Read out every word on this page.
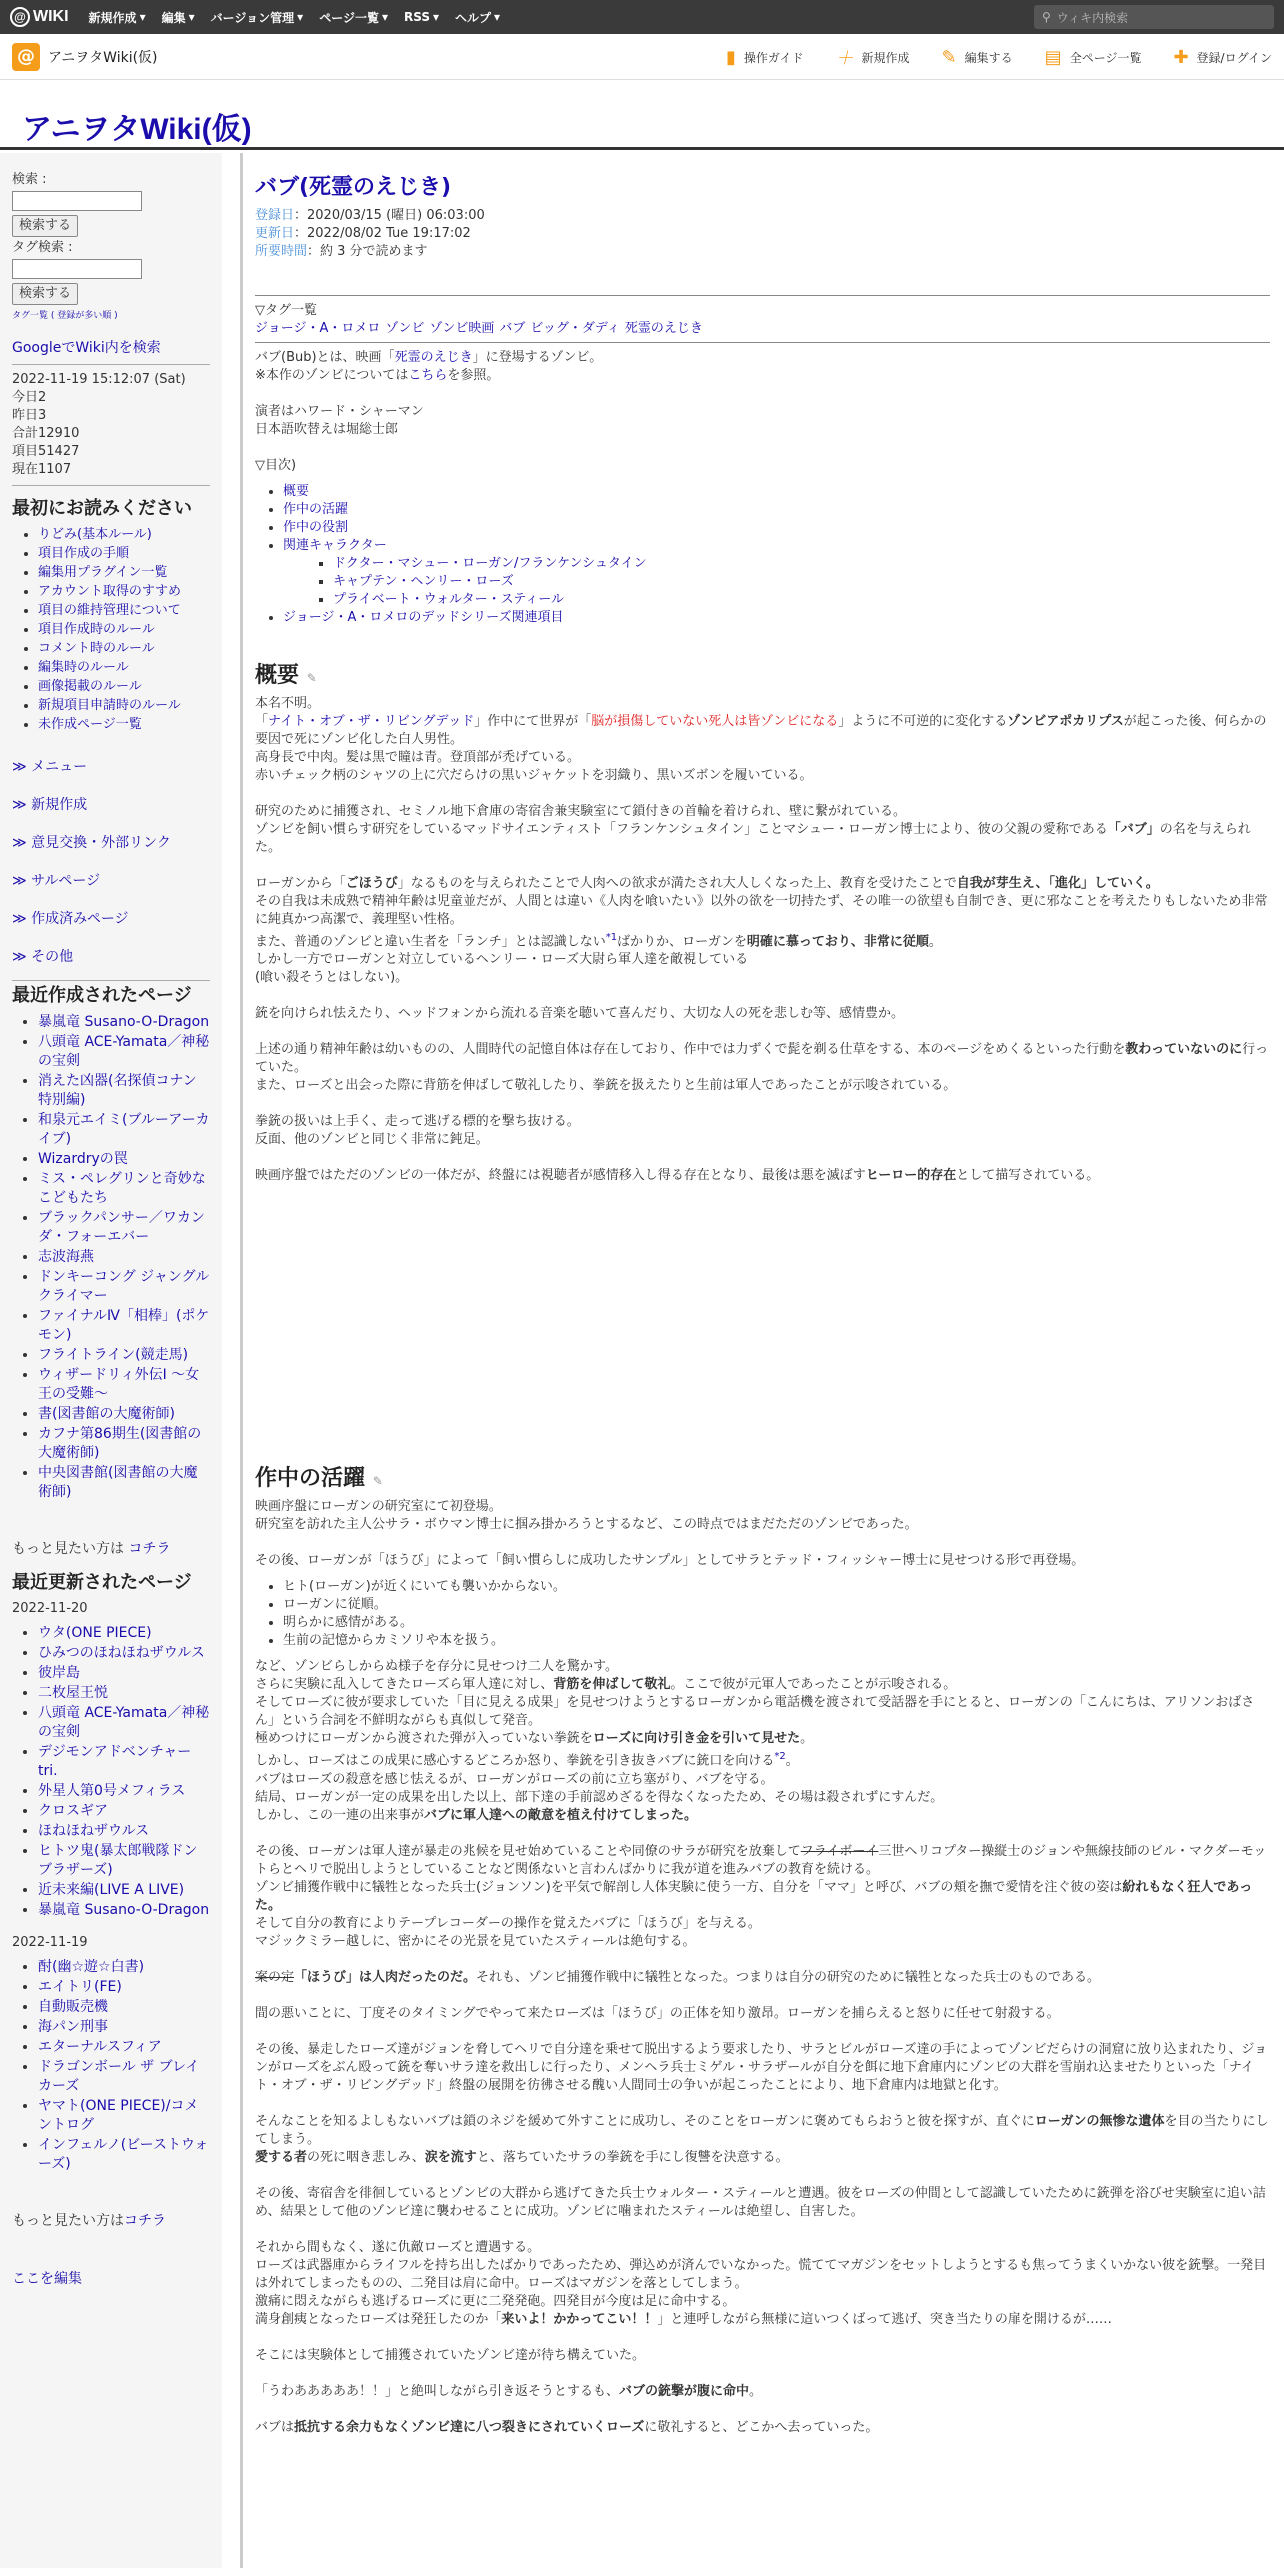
@ WIKI 新規作成 ▾ 編集 ▾ バージョン管理 ▾ ページ一覧 ▾ RSS ▾ ヘルプ ▾	⚲ ウィキ内検索
@ アニヲタWiki(仮)	▮ 操作ガイド ＋ 新規作成 ✎ 編集する ▤ 全ページ一覧 ✚ 登録/ログイン
アニヲタWiki(仮)
検索 :
検索する
タグ検索 :
検索する
タグ一覧 ( 登録が多い順 )
GoogleでWiki内を検索
2022-11-19 15:12:07 (Sat)
今日2
昨日3
合計12910
項目51427
現在1107
最初にお読みください
• りどみ(基本ルール)
• 項目作成の手順
• 編集用プラグイン一覧
• アカウント取得のすすめ
• 項目の維持管理について
• 項目作成時のルール
• コメント時のルール
• 編集時のルール
• 画像掲載のルール
• 新規項目申請時のルール
• 未作成ページ一覧
≫ メニュー
≫ 新規作成
≫ 意見交換・外部リンク
≫ サルページ
≫ 作成済みページ
≫ その他
最近作成されたページ
• 暴嵐竜 Susano-O-Dragon
• 八頭竜 ACE-Yamata／神秘の宝剣
• 消えた凶器(名探偵コナン特別編)
• 和泉元エイミ(ブルーアーカイブ)
• Wizardryの罠
• ミス・ペレグリンと奇妙なこどもたち
• ブラックパンサー／ワカンダ・フォーエバー
• 志波海燕
• ドンキーコング ジャングルクライマー
• ファイナルⅣ「相棒」(ポケモン)
• フライトライン(競走馬)
• ウィザードリィ外伝Ⅰ ～女王の受難～
• 書(図書館の大魔術師)
• カフナ第86期生(図書館の大魔術師)
• 中央図書館(図書館の大魔術師)
もっと見たい方は コチラ
最近更新されたページ
2022-11-20
• ウタ(ONE PIECE)
• ひみつのほねほねザウルス
• 彼岸島
• 二枚屋王悦
• 八頭竜 ACE-Yamata／神秘の宝剣
• デジモンアドベンチャー tri.
• 外星人第0号メフィラス
• クロスギア
• ほねほねザウルス
• ヒトツ鬼(暴太郎戦隊ドンブラザーズ)
• 近未来編(LIVE A LIVE)
• 暴嵐竜 Susano-O-Dragon
2022-11-19
• 酎(幽☆遊☆白書)
• エイトリ(FE)
• 自動販売機
• 海パン刑事
• エターナルスフィア
• ドラゴンボール ザ ブレイカーズ
• ヤマト(ONE PIECE)/コメントログ
• インフェルノ(ビーストウォーズ)
もっと見たい方はコチラ
ここを編集
バブ(死霊のえじき)
登録日：2020/03/15 (曜日) 06:03:00
更新日：2022/08/02 Tue 19:17:02
所要時間：約 3 分で読めます
▽タグ一覧
ジョージ・A・ロメロ ゾンビ ゾンビ映画 バブ ビッグ・ダディ 死霊のえじき

バブ(Bub)とは、映画「死霊のえじき」に登場するゾンビ。

※本作のゾンビについてはこちらを参照。

演者はハワード・シャーマン

日本語吹替えは堀総士郎

▽目次)

• 概要
• 作中の活躍
• 作中の役割
• 関連キャラクター
▪ ドクター・マシュー・ローガン/フランケンシュタイン
▪ キャプテン・ヘンリー・ローズ
▪ プライベート・ウォルター・スティール
• ジョージ・A・ロメロのデッドシリーズ関連項目
概要 ✎

本名不明。

「ナイト・オブ・ザ・リビングデッド」作中にて世界が「脳が損傷していない死人は皆ゾンビになる」ように不可逆的に変化するゾンビアポカリプスが起こった後、何らかの要因で死にゾンビ化した白人男性。

高身長で中肉。髪は黒で瞳は青。登頂部が禿げている。

赤いチェック柄のシャツの上に穴だらけの黒いジャケットを羽織り、黒いズボンを履いている。

研究のために捕獲され、セミノル地下倉庫の寄宿舎兼実験室にて鎖付きの首輪を着けられ、壁に繋がれている。

ゾンビを飼い慣らす研究をしているマッドサイエンティスト「フランケンシュタイン」ことマシュー・ローガン博士により、彼の父親の愛称である「バブ」の名を与えられた。

ローガンから「ごほうび」なるものを与えられたことで人肉への欲求が満たされ大人しくなった上、教育を受けたことで自我が芽生え、「進化」していく。

その自我は未成熟で精神年齢は児童並だが、人間とは違い《人肉を喰いたい》以外の欲を一切持たず、その唯一の欲望も自制でき、更に邪なことを考えたりもしないため非常に純真かつ高潔で、義理堅い性格。

また、普通のゾンビと違い生者を「ランチ」とは認識しない$^{*1}$ばかりか、ローガンを明確に慕っており、非常に従順。

しかし一方でローガンと対立しているヘンリー・ローズ大尉ら軍人達を敵視している

(喰い殺そうとはしない)。

銃を向けられ怯えたり、ヘッドフォンから流れる音楽を聴いて喜んだり、大切な人の死を悲しむ等、感情豊か。

上述の通り精神年齢は幼いものの、人間時代の記憶自体は存在しており、作中では力ずくで髭を剃る仕草をする、本のページをめくるといった行動を教わっていないのに行っていた。

また、ローズと出会った際に背筋を伸ばして敬礼したり、拳銃を扱えたりと生前は軍人であったことが示唆されている。

拳銃の扱いは上手く、走って逃げる標的を撃ち抜ける。

反面、他のゾンビと同じく非常に鈍足。

映画序盤ではただのゾンビの一体だが、終盤には視聴者が感情移入し得る存在となり、最後は悪を滅ぼすヒーロー的存在として描写されている。

作中の活躍 ✎

映画序盤にローガンの研究室にて初登場。

研究室を訪れた主人公サラ・ボウマン博士に掴み掛かろうとするなど、この時点ではまだただのゾンビであった。

その後、ローガンが「ほうび」によって「飼い慣らしに成功したサンプル」としてサラとテッド・フィッシャー博士に見せつける形で再登場。

• ヒト(ローガン)が近くにいても襲いかからない。
• ローガンに従順。
• 明らかに感情がある。
• 生前の記憶からカミソリや本を扱う。

など、ゾンビらしからぬ様子を存分に見せつけ二人を驚かす。

さらに実験に乱入してきたローズら軍人達に対し、背筋を伸ばして敬礼。ここで彼が元軍人であったことが示唆される。

そしてローズに彼が要求していた「目に見える成果」を見せつけようとするローガンから電話機を渡されて受話器を手にとると、ローガンの「こんにちは、アリソンおばさん」という合詞を不鮮明ながらも真似して発音。

極めつけにローガンから渡された弾が入っていない拳銃をローズに向け引き金を引いて見せた。

しかし、ローズはこの成果に感心するどころか怒り、拳銃を引き抜きバブに銃口を向ける$^{*2}$。

バブはローズの殺意を感じ怯えるが、ローガンがローズの前に立ち塞がり、バブを守る。

結局、ローガンが一定の成果を出した以上、部下達の手前認めざるを得なくなったため、その場は殺されずにすんだ。

しかし、この一連の出来事がバブに軍人達への敵意を植え付けてしまった。

その後、ローガンは軍人達が暴走の兆候を見せ始めていることや同僚のサラが研究を放棄してフライボーイ三世ヘリコプター操縦士のジョンや無線技師のビル・マクダーモットらとヘリで脱出しようとしていることなど関係ないと言わんばかりに我が道を進みバブの教育を続ける。

ゾンビ捕獲作戦中に犠牲となった兵士(ジョンソン)を平気で解剖し人体実験に使う一方、自分を「ママ」と呼び、バブの頬を撫で愛情を注ぐ彼の姿は紛れもなく狂人であった。

そして自分の教育によりテープレコーダーの操作を覚えたバブに「ほうび」を与える。

マジックミラー越しに、密かにその光景を見ていたスティールは絶句する。

案の定「ほうび」は人肉だったのだ。それも、ゾンビ捕獲作戦中に犠牲となった。つまりは自分の研究のために犠牲となった兵士のものである。

間の悪いことに、丁度そのタイミングでやって来たローズは「ほうび」の正体を知り激昂。ローガンを捕らえると怒りに任せて射殺する。

その後、暴走したローズ達がジョンを脅してヘリで自分達を乗せて脱出するよう要求したり、サラとビルがローズ達の手によってゾンビだらけの洞窟に放り込まれたり、ジョンがローズをぶん殴って銃を奪いサラ達を救出しに行ったり、メンヘラ兵士ミゲル・サラザールが自分を餌に地下倉庫内にゾンビの大群を雪崩れ込ませたりといった「ナイト・オブ・ザ・リビングデッド」終盤の展開を彷彿させる醜い人間同士の争いが起こったことにより、地下倉庫内は地獄と化す。

そんなことを知るよしもないバブは鎖のネジを緩めて外すことに成功し、そのことをローガンに褒めてもらおうと彼を探すが、直ぐにローガンの無惨な遺体を目の当たりにしてしまう。

愛する者の死に咽き悲しみ、涙を流すと、落ちていたサラの拳銃を手にし復讐を決意する。

その後、寄宿舎を徘徊しているとゾンビの大群から逃げてきた兵士ウォルター・スティールと遭遇。彼をローズの仲間として認識していたために銃弾を浴びせ実験室に追い詰め、結果として他のゾンビ達に襲わせることに成功。ゾンビに噛まれたスティールは絶望し、自害した。

それから間もなく、遂に仇敵ローズと遭遇する。

ローズは武器庫からライフルを持ち出したばかりであったため、弾込めが済んでいなかった。慌ててマガジンをセットしようとするも焦ってうまくいかない彼を銃撃。一発目は外れてしまったものの、二発目は肩に命中。ローズはマガジンを落としてしまう。

激痛に悶えながらも逃げるローズに更に二発発砲。四発目が今度は足に命中する。

満身創痍となったローズは発狂したのか「来いよ！かかってこい！！」と連呼しながら無様に這いつくばって逃げ、突き当たりの扉を開けるが……

そこには実験体として捕獲されていたゾンビ達が待ち構えていた。

「うわあああああ！！」と絶叫しながら引き返そうとするも、バブの銃撃が腹に命中。

バブは抵抗する余力もなくゾンビ達に八つ裂きにされていくローズに敬礼すると、どこかへ去っていった。
